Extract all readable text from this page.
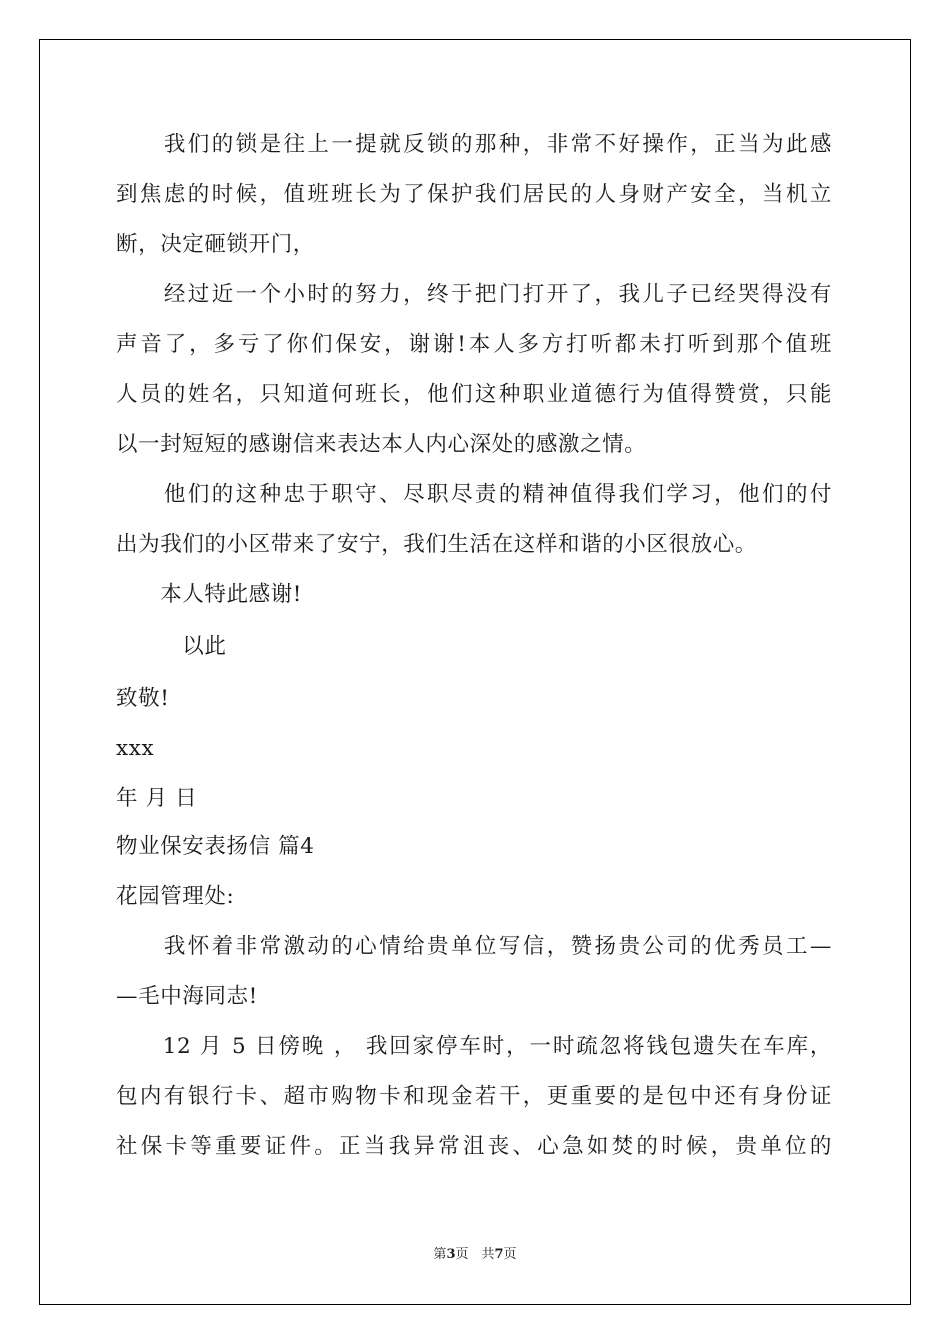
　　我们的锁是往上一提就反锁的那种，非常不好操作，正当为此感
到焦虑的时候，值班班长为了保护我们居民的人身财产安全，当机立
断，决定砸锁开门，
　　经过近一个小时的努力，终于把门打开了，我儿子已经哭得没有
声音了，多亏了你们保安，谢谢!本人多方打听都未打听到那个值班
人员的姓名，只知道何班长，他们这种职业道德行为值得赞赏，只能
以一封短短的感谢信来表达本人内心深处的感激之情。
　　他们的这种忠于职守、尽职尽责的精神值得我们学习，他们的付
出为我们的小区带来了安宁，我们生活在这样和谐的小区很放心。
　　本人特此感谢!
　　　以此
致敬!
xxx
年 月 日
物业保安表扬信 篇4
花园管理处:
　　我怀着非常激动的心情给贵单位写信，赞扬贵公司的优秀员工—
—毛中海同志!
　　12 月 5 日傍晚 ， 我回家停车时，一时疏忽将钱包遗失在车库，
包内有银行卡、超市购物卡和现金若干，更重要的是包中还有身份证
社保卡等重要证件。正当我异常沮丧、心急如焚的时候，贵单位的
第3页　共7页
